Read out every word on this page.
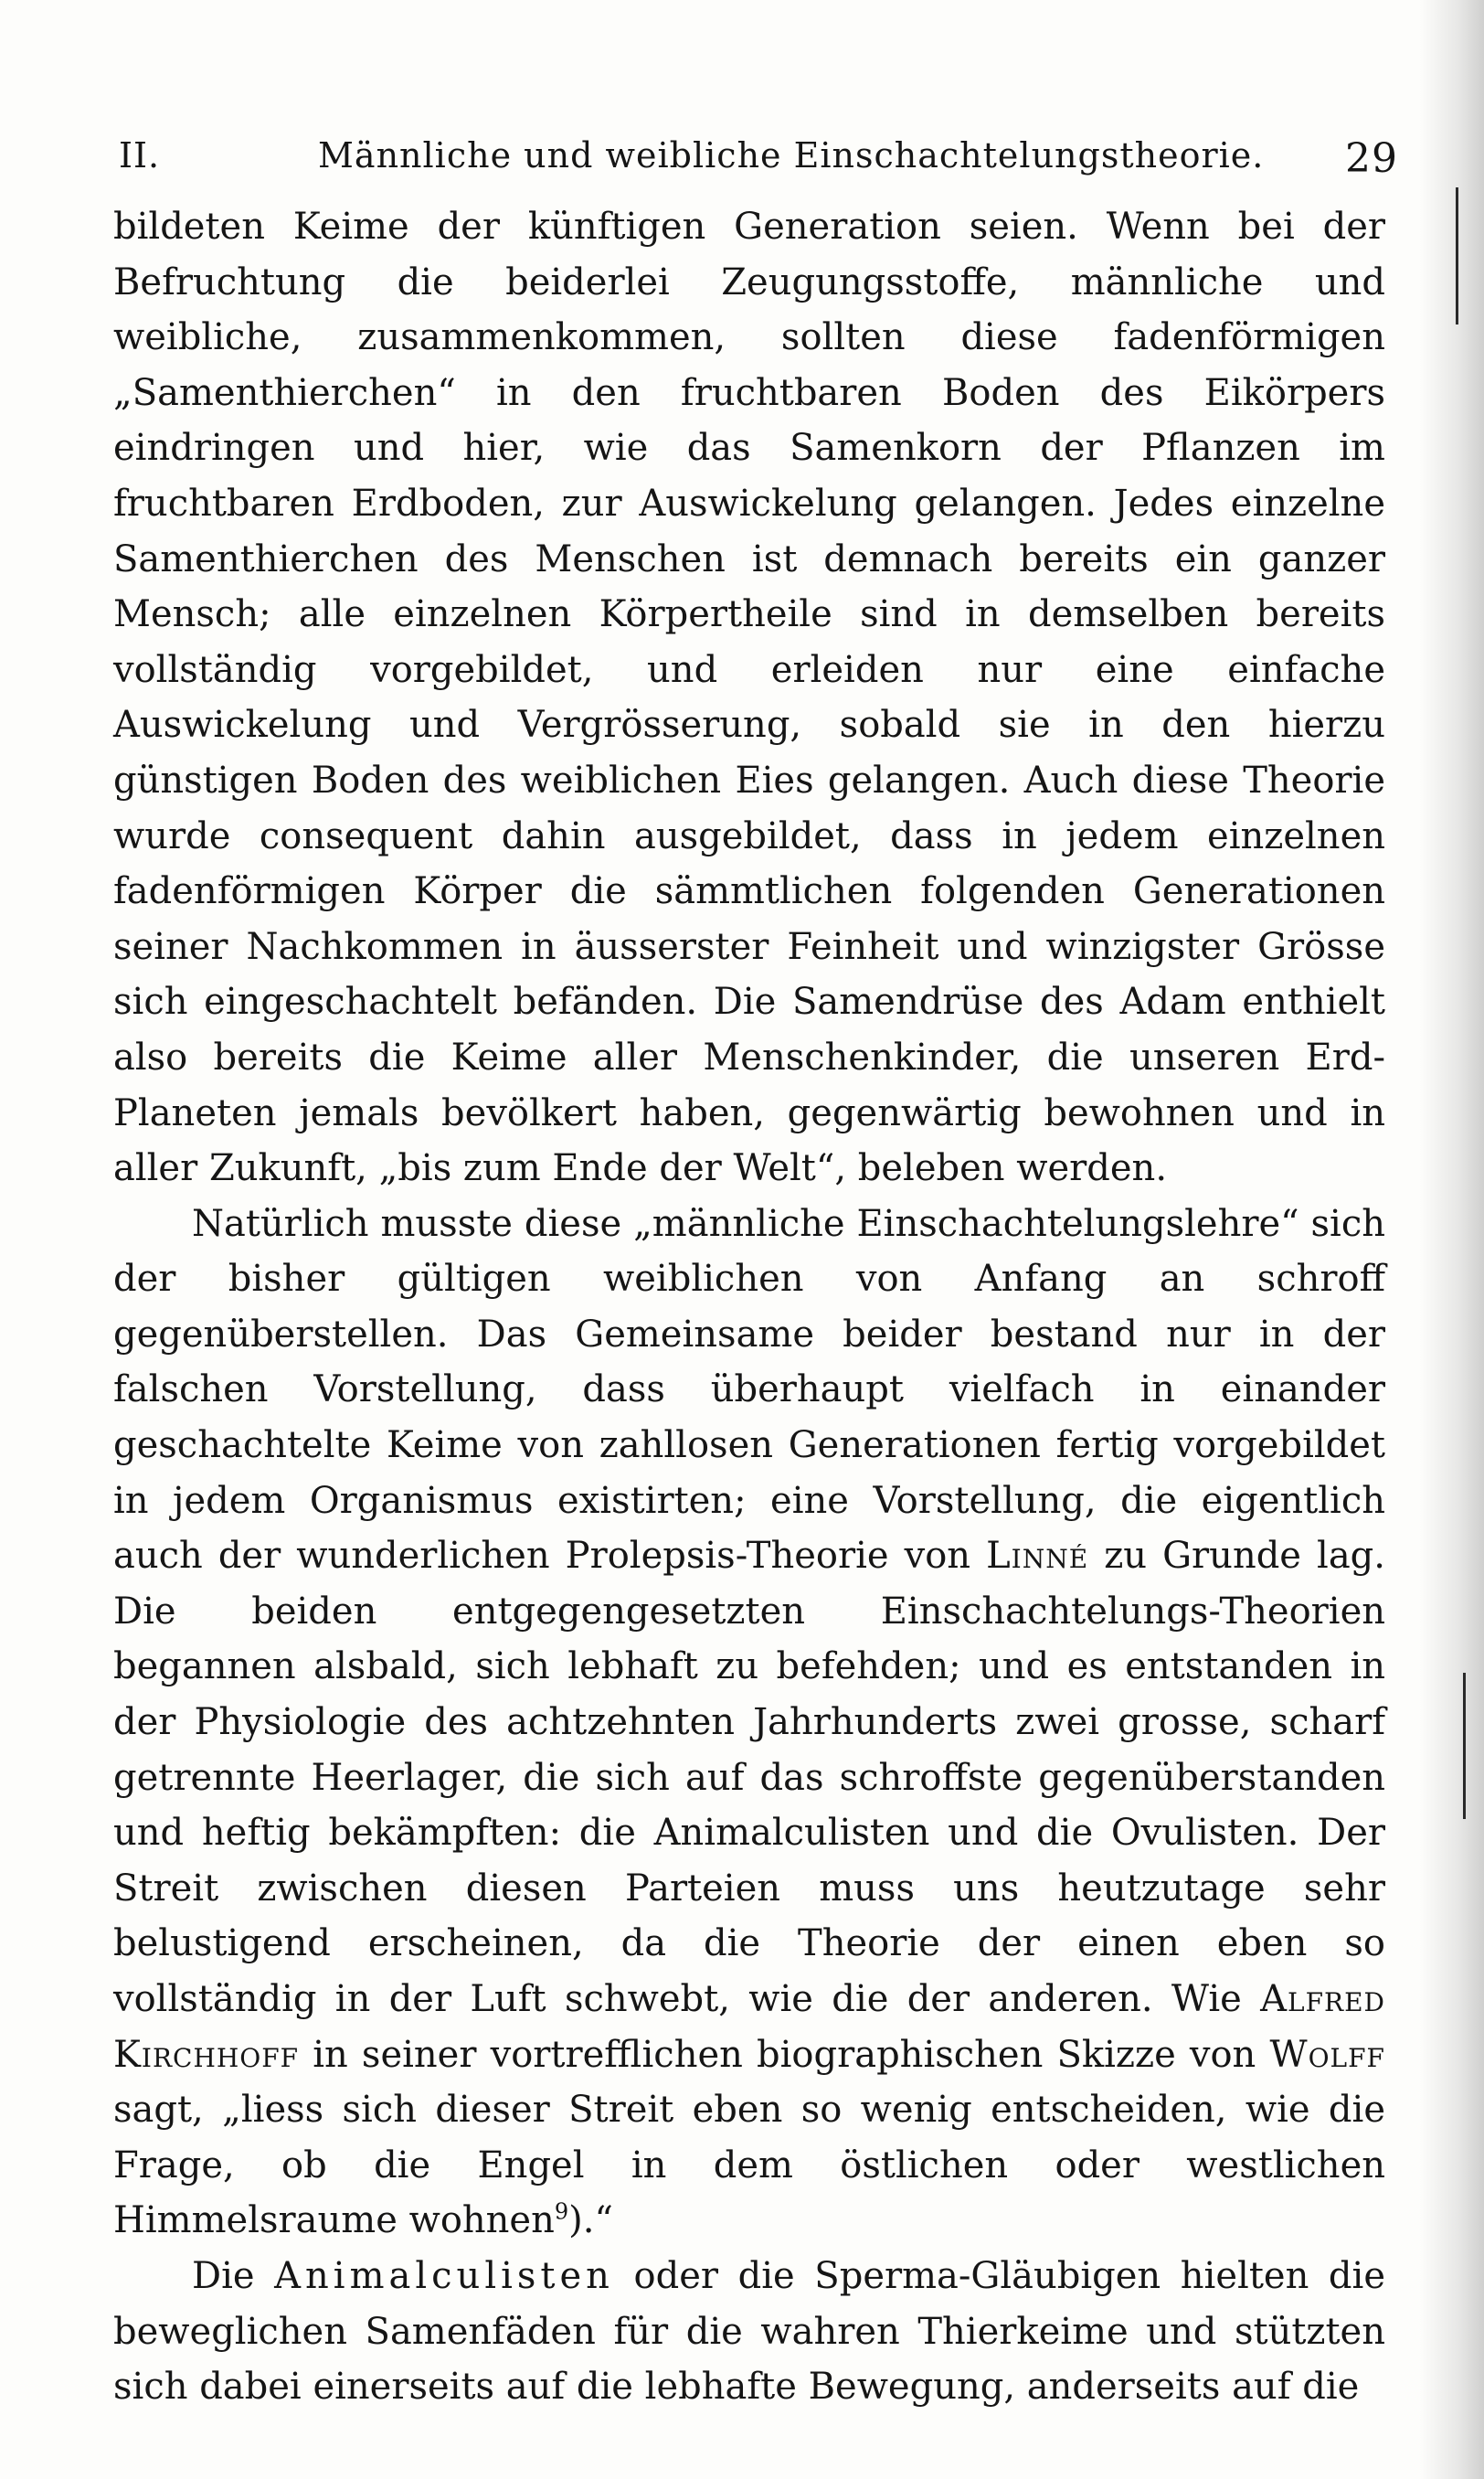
II.	Männliche und weibliche Einschachtelungstheorie. 29

bildeten Keime der künftigen Generation seien. Wenn bei der Befruchtung die beiderlei Zeugungsstoffe, männliche und weibliche, zusammenkommen, sollten diese fadenförmigen „Samenthierchen“ in den fruchtbaren Boden des Eikörpers eindringen und hier, wie das Samenkorn der Pflanzen im fruchtbaren Erdboden, zur Auswickelung gelangen. Jedes einzelne Samenthierchen des Menschen ist demnach bereits ein ganzer Mensch; alle einzelnen Körpertheile sind in demselben bereits vollständig vorgebildet, und erleiden nur eine einfache Auswickelung und Vergrösserung, sobald sie in den hierzu günstigen Boden des weiblichen Eies gelangen. Auch diese Theorie wurde consequent dahin ausgebildet, dass in jedem einzelnen fadenförmigen Körper die sämmtlichen folgenden Generationen seiner Nachkommen in äusserster Feinheit und winzigster Grösse sich eingeschachtelt befänden. Die Samendrüse des Adam enthielt also bereits die Keime aller Menschenkinder, die unseren Erd-Planeten jemals bevölkert haben, gegenwärtig bewohnen und in aller Zukunft, „bis zum Ende der Welt“, beleben werden.

Natürlich musste diese „männliche Einschachtelungslehre“ sich der bisher gültigen weiblichen von Anfang an schroff gegenüberstellen. Das Gemeinsame beider bestand nur in der falschen Vorstellung, dass überhaupt vielfach in einander geschachtelte Keime von zahllosen Generationen fertig vorgebildet in jedem Organismus existirten; eine Vorstellung, die eigentlich auch der wunderlichen Prolepsis-Theorie von Linné zu Grunde lag. Die beiden entgegengesetzten Einschachtelungs-Theorien begannen alsbald, sich lebhaft zu befehden; und es entstanden in der Physiologie des achtzehnten Jahrhunderts zwei grosse, scharf getrennte Heerlager, die sich auf das schroffste gegenüberstanden und heftig bekämpften: die Animalculisten und die Ovulisten. Der Streit zwischen diesen Parteien muss uns heutzutage sehr belustigend erscheinen, da die Theorie der einen eben so vollständig in der Luft schwebt, wie die der anderen. Wie Alfred Kirchhoff in seiner vortrefflichen biographischen Skizze von Wolff sagt, „liess sich dieser Streit eben so wenig entscheiden, wie die Frage, ob die Engel in dem östlichen oder westlichen Himmelsraume wohnen$^9$).“

Die Animalculisten oder die Sperma-Gläubigen hielten die beweglichen Samenfäden für die wahren Thierkeime und stützten sich dabei einerseits auf die lebhafte Bewegung, anderseits auf die
